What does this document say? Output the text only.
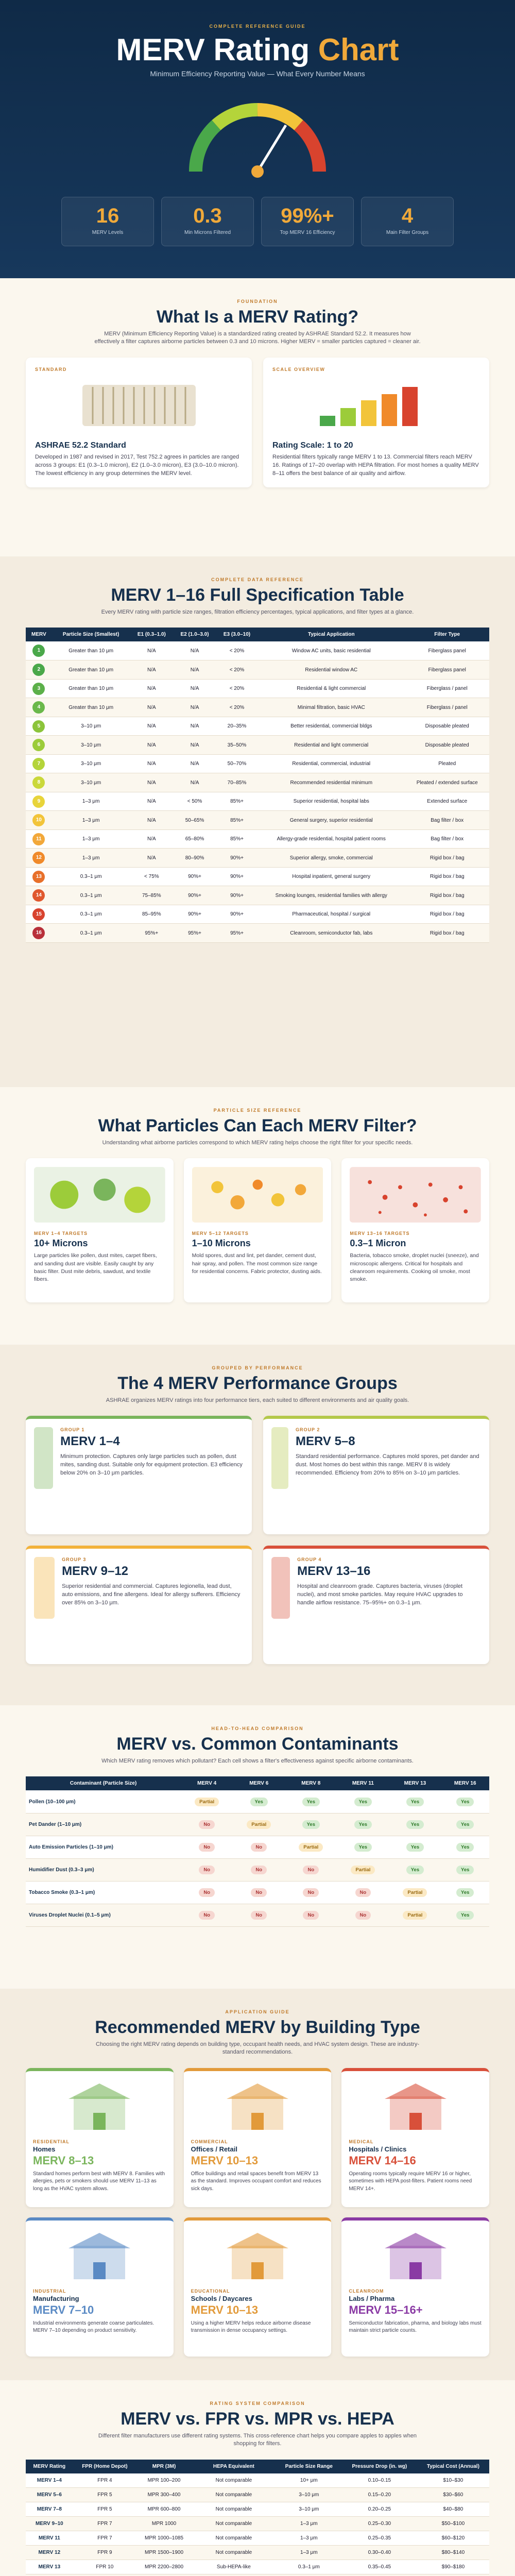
COMPLETE REFERENCE GUIDE
MERV Rating Chart
Minimum Efficiency Reporting Value — What Every Number Means
16
MERV Levels
0.3
Min Microns Filtered
99%+
Top MERV 16 Efficiency
4
Main Filter Groups
FOUNDATION
What Is a MERV Rating?
MERV (Minimum Efficiency Reporting Value) is a standardized rating created by ASHRAE Standard 52.2. It measures how effectively a filter captures airborne particles between 0.3 and 10 microns. Higher MERV = smaller particles captured = cleaner air.
STANDARD
ASHRAE 52.2 Standard
Developed in 1987 and revised in 2017, Test 752.2 agrees in particles are ranged across 3 groups: E1 (0.3–1.0 micron), E2 (1.0–3.0 micron), E3 (3.0–10.0 micron). The lowest efficiency in any group determines the MERV level.
SCALE OVERVIEW
Rating Scale: 1 to 20
Residential filters typically range MERV 1 to 13. Commercial filters reach MERV 16. Ratings of 17–20 overlap with HEPA filtration. For most homes a quality MERV 8–11 offers the best balance of air quality and airflow.
COMPLETE DATA REFERENCE
MERV 1–16 Full Specification Table
Every MERV rating with particle size ranges, filtration efficiency percentages, typical applications, and filter types at a glance.
MERV	Particle Size (Smallest)	E1 (0.3–1.0)	E2 (1.0–3.0)	E3 (3.0–10)	Typical Application	Filter Type
1	Greater than 10 μm	N/A	N/A	< 20%	Window AC units, basic residential	Fiberglass panel
2	Greater than 10 μm	N/A	N/A	< 20%	Residential window AC	Fiberglass panel
3	Greater than 10 μm	N/A	N/A	< 20%	Residential & light commercial	Fiberglass / panel
4	Greater than 10 μm	N/A	N/A	< 20%	Minimal filtration, basic HVAC	Fiberglass / panel
5	3–10 μm	N/A	N/A	20–35%	Better residential, commercial bldgs	Disposable pleated
6	3–10 μm	N/A	N/A	35–50%	Residential and light commercial	Disposable pleated
7	3–10 μm	N/A	N/A	50–70%	Residential, commercial, industrial	Pleated
8	3–10 μm	N/A	N/A	70–85%	Recommended residential minimum	Pleated / extended surface
9	1–3 μm	N/A	< 50%	85%+	Superior residential, hospital labs	Extended surface
10	1–3 μm	N/A	50–65%	85%+	General surgery, superior residential	Bag filter / box
11	1–3 μm	N/A	65–80%	85%+	Allergy-grade residential, hospital patient rooms	Bag filter / box
12	1–3 μm	N/A	80–90%	90%+	Superior allergy, smoke, commercial	Rigid box / bag
13	0.3–1 μm	< 75%	90%+	90%+	Hospital inpatient, general surgery	Rigid box / bag
14	0.3–1 μm	75–85%	90%+	90%+	Smoking lounges, residential families with allergy	Rigid box / bag
15	0.3–1 μm	85–95%	90%+	90%+	Pharmaceutical, hospital / surgical	Rigid box / bag
16	0.3–1 μm	95%+	95%+	95%+	Cleanroom, semiconductor fab, labs	Rigid box / bag
PARTICLE SIZE REFERENCE
What Particles Can Each MERV Filter?
Understanding what airborne particles correspond to which MERV rating helps choose the right filter for your specific needs.
MERV 1–4 TARGETS
10+ Microns
Large particles like pollen, dust mites, carpet fibers, and sanding dust are visible. Easily caught by any basic filter. Dust mite debris, sawdust, and textile fibers.
MERV 5–12 TARGETS
1–10 Microns
Mold spores, dust and lint, pet dander, cement dust, hair spray, and pollen. The most common size range for residential concerns. Fabric protector, dusting aids.
MERV 13–16 TARGETS
0.3–1 Micron
Bacteria, tobacco smoke, droplet nuclei (sneeze), and microscopic allergens. Critical for hospitals and cleanroom requirements. Cooking oil smoke, most smoke.
GROUPED BY PERFORMANCE
The 4 MERV Performance Groups
ASHRAE organizes MERV ratings into four performance tiers, each suited to different environments and air quality goals.
GROUP 1
MERV 1–4
Minimum protection. Captures only large particles such as pollen, dust mites, sanding dust. Suitable only for equipment protection. E3 efficiency below 20% on 3–10 μm particles.
GROUP 2
MERV 5–8
Standard residential performance. Captures mold spores, pet dander and dust. Most homes do best within this range. MERV 8 is widely recommended. Efficiency from 20% to 85% on 3–10 μm particles.
GROUP 3
MERV 9–12
Superior residential and commercial. Captures legionella, lead dust, auto emissions, and fine allergens. Ideal for allergy sufferers. Efficiency over 85% on 3–10 μm.
GROUP 4
MERV 13–16
Hospital and cleanroom grade. Captures bacteria, viruses (droplet nuclei), and most smoke particles. May require HVAC upgrades to handle airflow resistance. 75–95%+ on 0.3–1 μm.
HEAD-TO-HEAD COMPARISON
MERV vs. Common Contaminants
Which MERV rating removes which pollutant? Each cell shows a filter's effectiveness against specific airborne contaminants.
Contaminant (Particle Size)	MERV 4	MERV 6	MERV 8	MERV 11	MERV 13	MERV 16
Pollen (10–100 μm)	Partial	Yes	Yes	Yes	Yes	Yes
Pet Dander (1–10 μm)	No	Partial	Yes	Yes	Yes	Yes
Auto Emission Particles (1–10 μm)	No	No	Partial	Yes	Yes	Yes
Humidifier Dust (0.3–3 μm)	No	No	No	Partial	Yes	Yes
Tobacco Smoke (0.3–1 μm)	No	No	No	No	Partial	Yes
Viruses Droplet Nuclei (0.1–5 μm)	No	No	No	No	Partial	Yes
APPLICATION GUIDE
Recommended MERV by Building Type
Choosing the right MERV rating depends on building type, occupant health needs, and HVAC system design. These are industry-standard recommendations.
RESIDENTIAL
Homes
MERV 8–13
Standard homes perform best with MERV 8. Families with allergies, pets or smokers should use MERV 11–13 as long as the HVAC system allows.
COMMERCIAL
Offices / Retail
MERV 10–13
Office buildings and retail spaces benefit from MERV 13 as the standard. Improves occupant comfort and reduces sick days.
MEDICAL
Hospitals / Clinics
MERV 14–16
Operating rooms typically require MERV 16 or higher, sometimes with HEPA post-filters. Patient rooms need MERV 14+.
INDUSTRIAL
Manufacturing
MERV 7–10
Industrial environments generate coarse particulates. MERV 7–10 depending on product sensitivity.
EDUCATIONAL
Schools / Daycares
MERV 10–13
Using a higher MERV helps reduce airborne disease transmission in dense occupancy settings.
CLEANROOM
Labs / Pharma
MERV 15–16+
Semiconductor fabrication, pharma, and biology labs must maintain strict particle counts.
RATING SYSTEM COMPARISON
MERV vs. FPR vs. MPR vs. HEPA
Different filter manufacturers use different rating systems. This cross-reference chart helps you compare apples to apples when shopping for filters.
MERV Rating	FPR (Home Depot)	MPR (3M)	HEPA Equivalent	Particle Size Range	Pressure Drop (in. wg)	Typical Cost (Annual)
MERV 1–4	FPR 4	MPR 100–200	Not comparable	10+ μm	0.10–0.15	$10–$30
MERV 5–6	FPR 5	MPR 300–400	Not comparable	3–10 μm	0.15–0.20	$30–$60
MERV 7–8	FPR 5	MPR 600–800	Not comparable	3–10 μm	0.20–0.25	$40–$80
MERV 9–10	FPR 7	MPR 1000	Not comparable	1–3 μm	0.25–0.30	$50–$100
MERV 11	FPR 7	MPR 1000–1085	Not comparable	1–3 μm	0.25–0.35	$60–$120
MERV 12	FPR 9	MPR 1500–1900	Not comparable	1–3 μm	0.30–0.40	$80–$140
MERV 13	FPR 10	MPR 2200–2800	Sub-HEPA-like	0.3–1 μm	0.35–0.45	$90–$180
